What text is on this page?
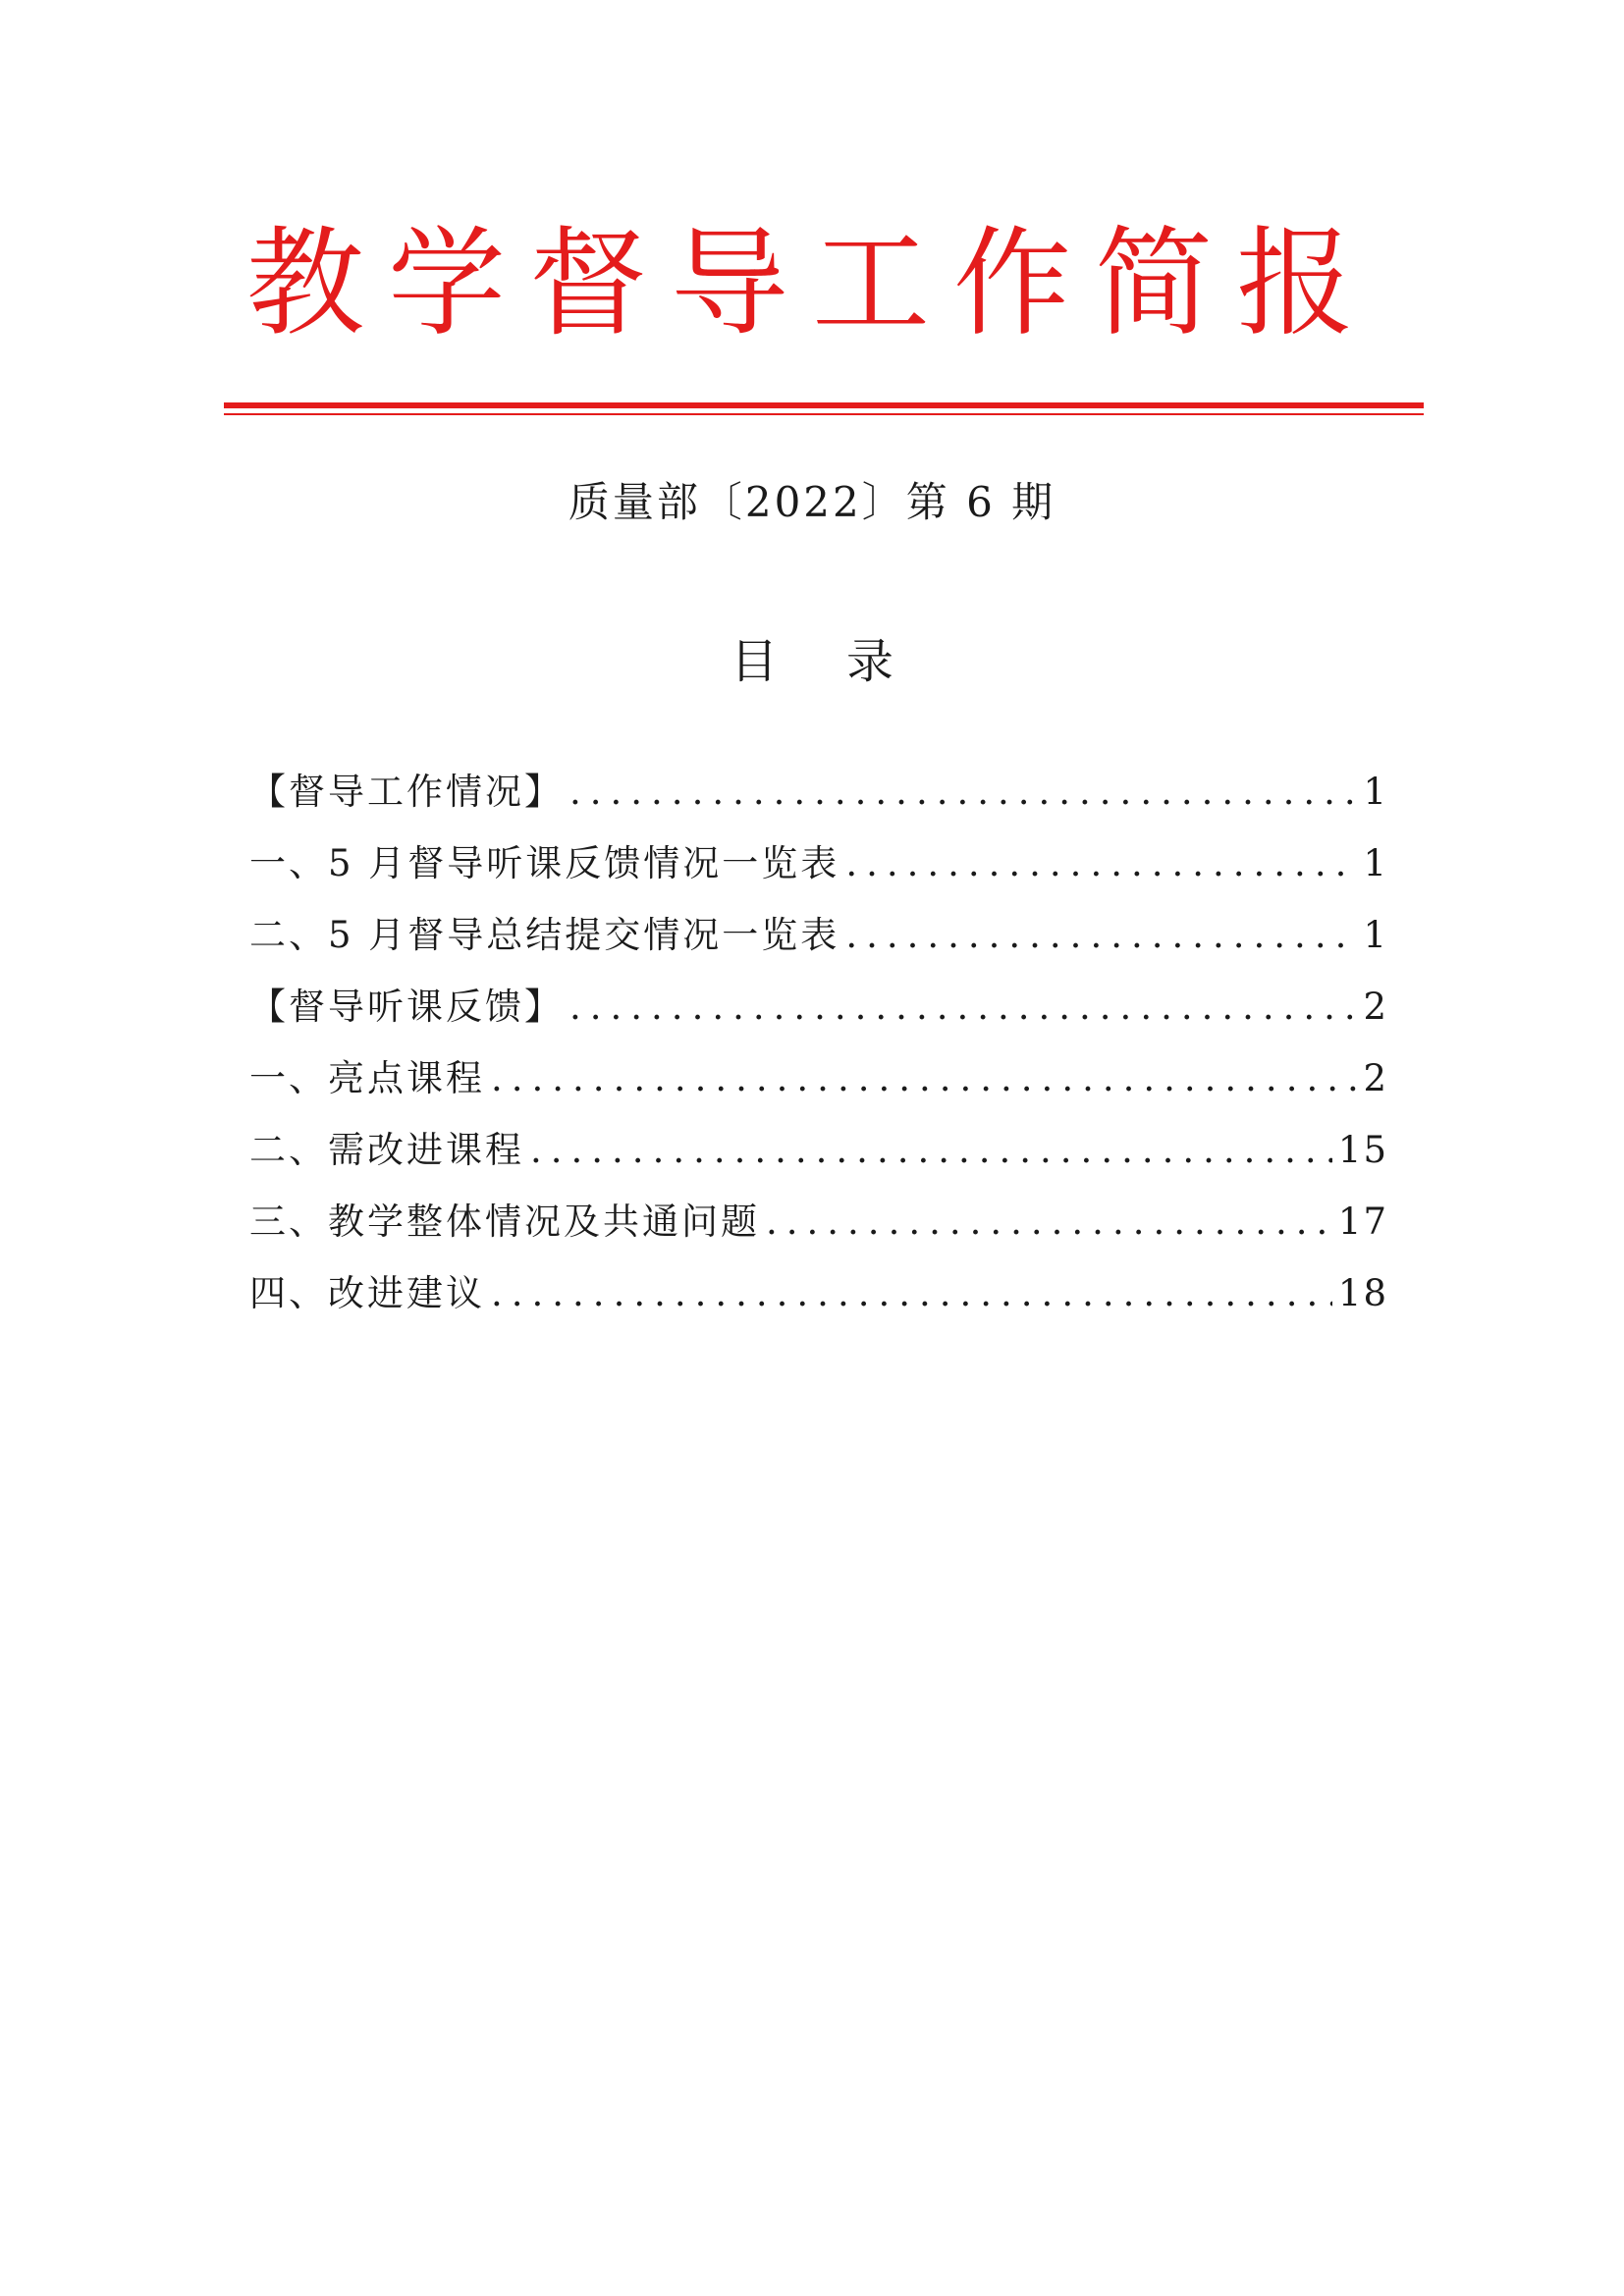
教学督导工作简报
质量部〔2022〕第 6 期
目 录
【督导工作情况】 .....	1
一、5 月督导听课反馈情况一览表 .....	1
二、5 月督导总结提交情况一览表 .....	1
【督导听课反馈】 .....	2
一、亮点课程 .....	2
二、需改进课程 .....	15
三、教学整体情况及共通问题 .....	17
四、改进建议 .....	18
